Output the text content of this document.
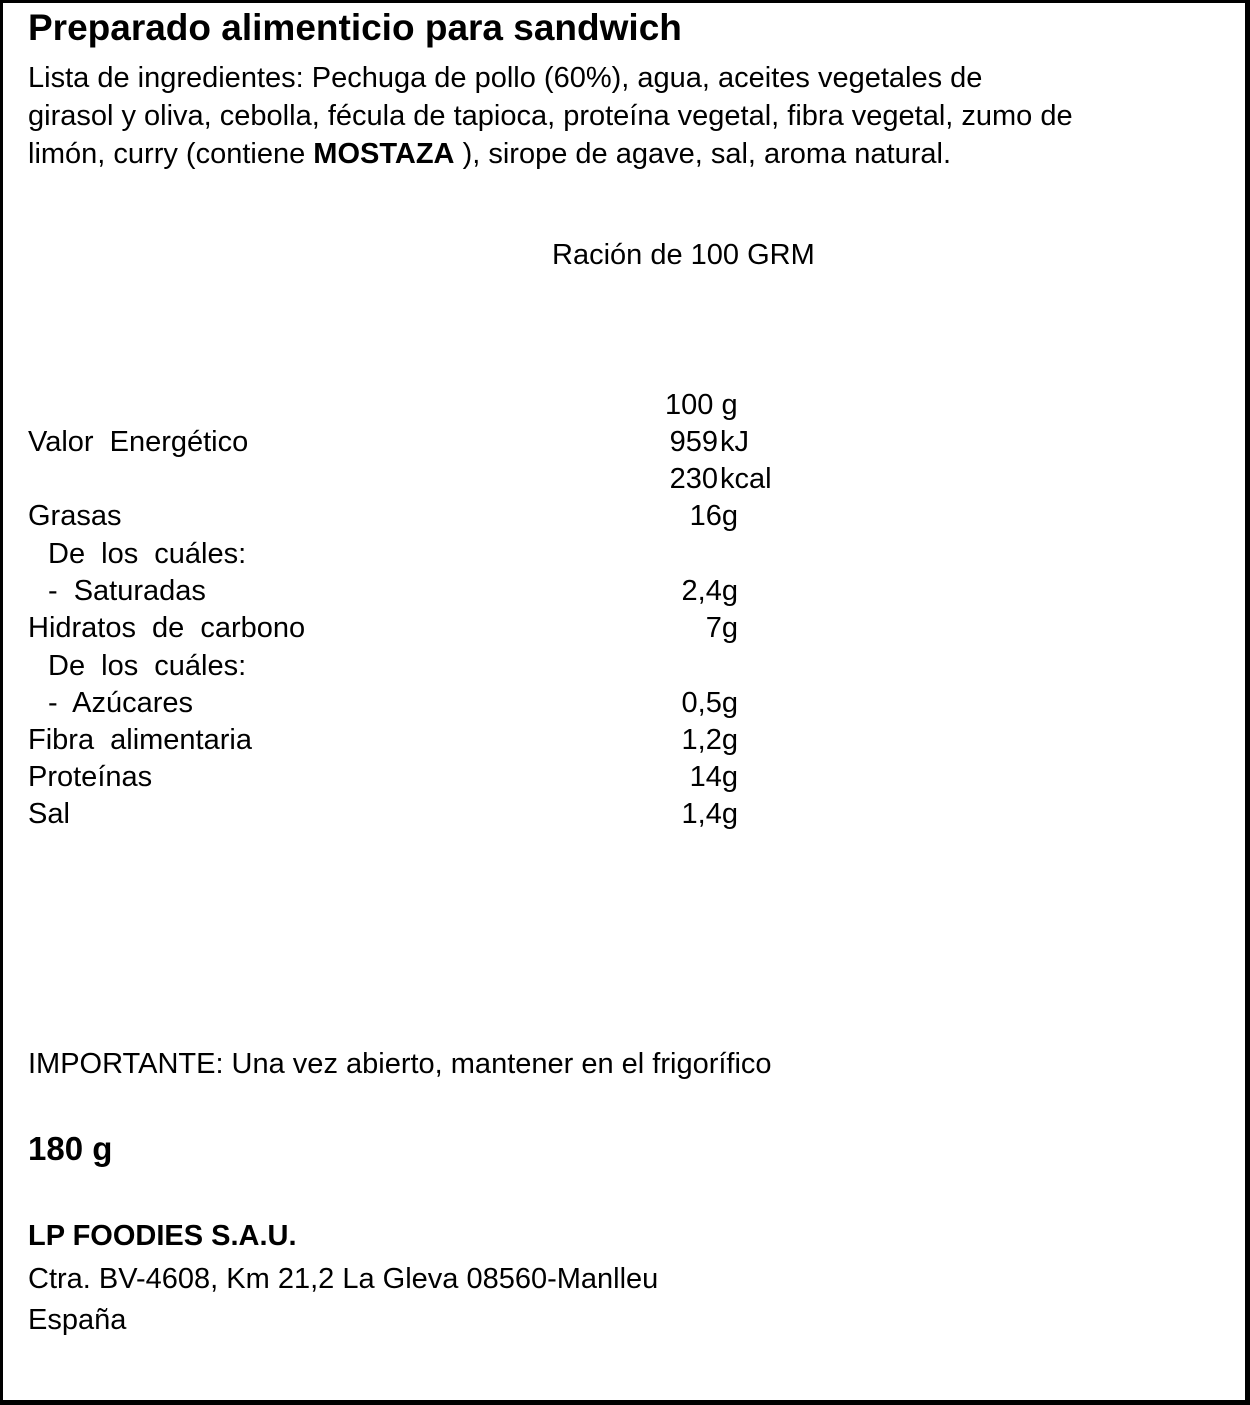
Preparado alimenticio para sandwich
Lista de ingredientes: Pechuga de pollo (60%), agua, aceites vegetales de
girasol y oliva, cebolla, fécula de tapioca, proteína vegetal, fibra vegetal, zumo de
limón, curry (contiene MOSTAZA ), sirope de agave, sal, aroma natural.
Ración de 100 GRM
100 g
Valor Energético	959 kJ
230 kcal
Grasas	16g
De los cuáles:
- Saturadas	2,4g
Hidratos de carbono	7g
De los cuáles:
- Azúcares	0,5g
Fibra alimentaria	1,2g
Proteínas	14g
Sal	1,4g
IMPORTANTE: Una vez abierto, mantener en el frigorífico
180 g
LP FOODIES S.A.U.
Ctra. BV-4608, Km 21,2 La Gleva 08560-Manlleu
España
